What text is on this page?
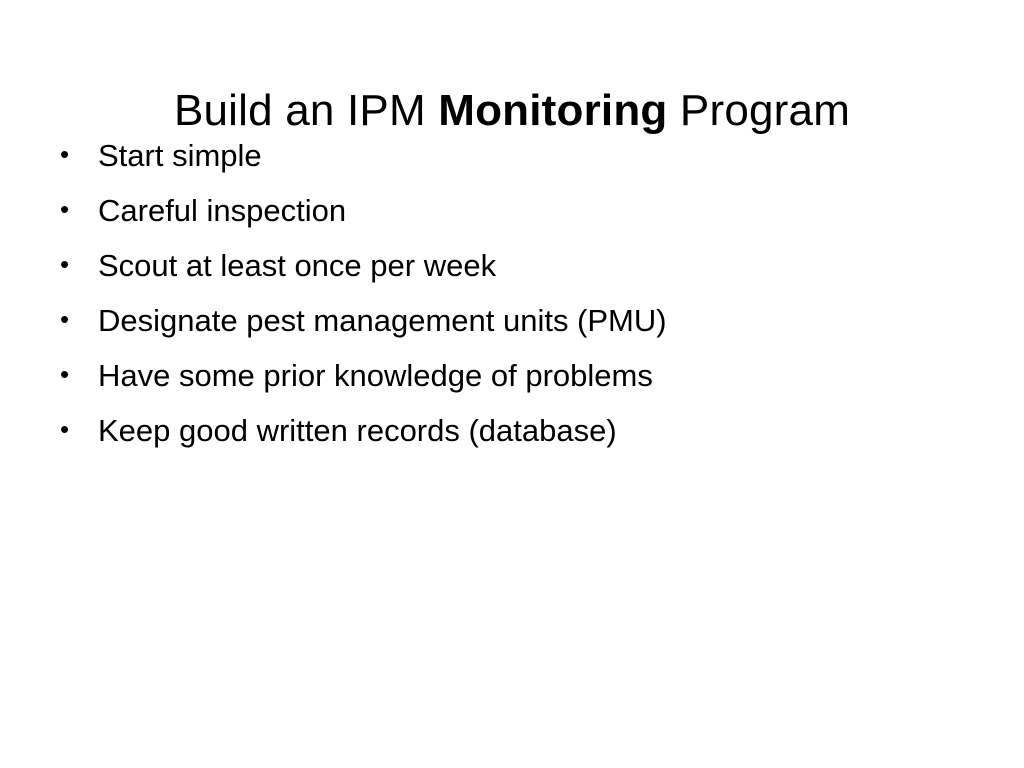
Build an IPM Monitoring Program
• Start simple
• Careful inspection
• Scout at least once per week
• Designate pest management units (PMU)
• Have some prior knowledge of problems
• Keep good written records (database)
